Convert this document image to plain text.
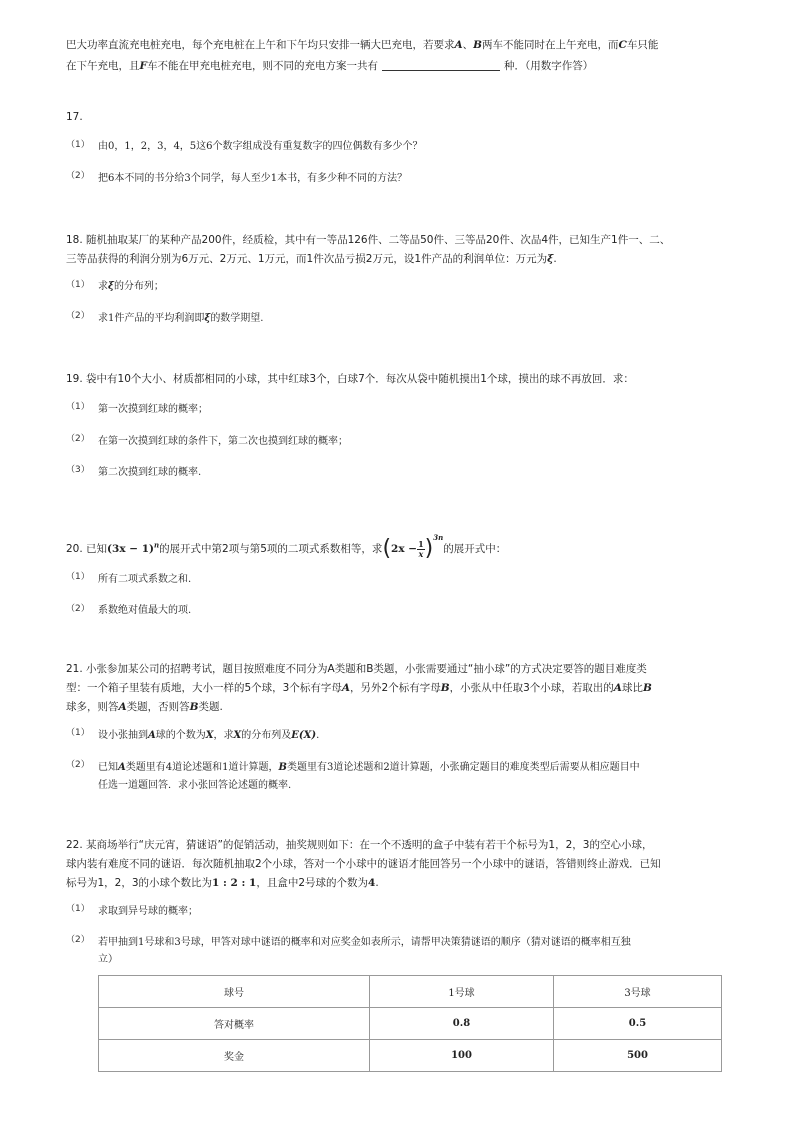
巴大功率直流充电桩充电，每个充电桩在上午和下午均只安排一辆大巴充电，若要求A、B两车不能同时在上午充电，而C车只能
在下午充电，且F车不能在甲充电桩充电，则不同的充电方案一共有	种．（用数字作答）
17.
（1） 由0，1，2，3，4，5这6个数字组成没有重复数字的四位偶数有多少个？
（2） 把6本不同的书分给3个同学，每人至少1本书，有多少种不同的方法？
18. 随机抽取某厂的某种产品200件，经质检，其中有一等品126件、二等品50件、三等品20件、次品4件，已知生产1件一、二、
三等品获得的利润分别为6万元、2万元、1万元，而1件次品亏损2万元，设1件产品的利润单位：万元为ξ.
（1） 求ξ的分布列；
（2） 求1件产品的平均利润即ξ的数学期望.
19. 袋中有10个大小、材质都相同的小球，其中红球3个，白球7个．每次从袋中随机摸出1个球，摸出的球不再放回．求：
（1） 第一次摸到红球的概率；
（2） 在第一次摸到红球的条件下，第二次也摸到红球的概率；
（3） 第二次摸到红球的概率.
20. 已知$(3x - 1)^n$的展开式中第2项与第5项的二项式系数相等，求$(2x - \frac{1}{x} )^{3n}$的展开式中：
（1） 所有二项式系数之和.
（2） 系数绝对值最大的项.
21. 小张参加某公司的招聘考试，题目按照难度不同分为A类题和B类题，小张需要通过“抽小球”的方式决定要答的题目难度类
型：一个箱子里装有质地，大小一样的5个球，3个标有字母A，另外2个标有字母B，小张从中任取3个小球，若取出的A球比B
球多，则答A类题，否则答B类题.
（1） 设小张抽到A球的个数为X，求X的分布列及E(X).
（2） 已知A类题里有4道论述题和1道计算题，B类题里有3道论述题和2道计算题，小张确定题目的难度类型后需要从相应题目中
任选一道题回答．求小张回答论述题的概率.
22. 某商场举行“庆元宵，猜谜语”的促销活动，抽奖规则如下：在一个不透明的盒子中装有若干个标号为1，2，3的空心小球，
球内装有难度不同的谜语．每次随机抽取2个小球，答对一个小球中的谜语才能回答另一个小球中的谜语，答错则终止游戏．已知
标号为1，2，3的小球个数比为1 : 2 : 1，且盒中2号球的个数为4.
（1） 求取到异号球的概率；
（2） 若甲抽到1号球和3号球，甲答对球中谜语的概率和对应奖金如表所示，请帮甲决策猜谜语的顺序（猜对谜语的概率相互独
立）
球号	1号球	3号球
答对概率	0.8	0.5
奖金	100	500
